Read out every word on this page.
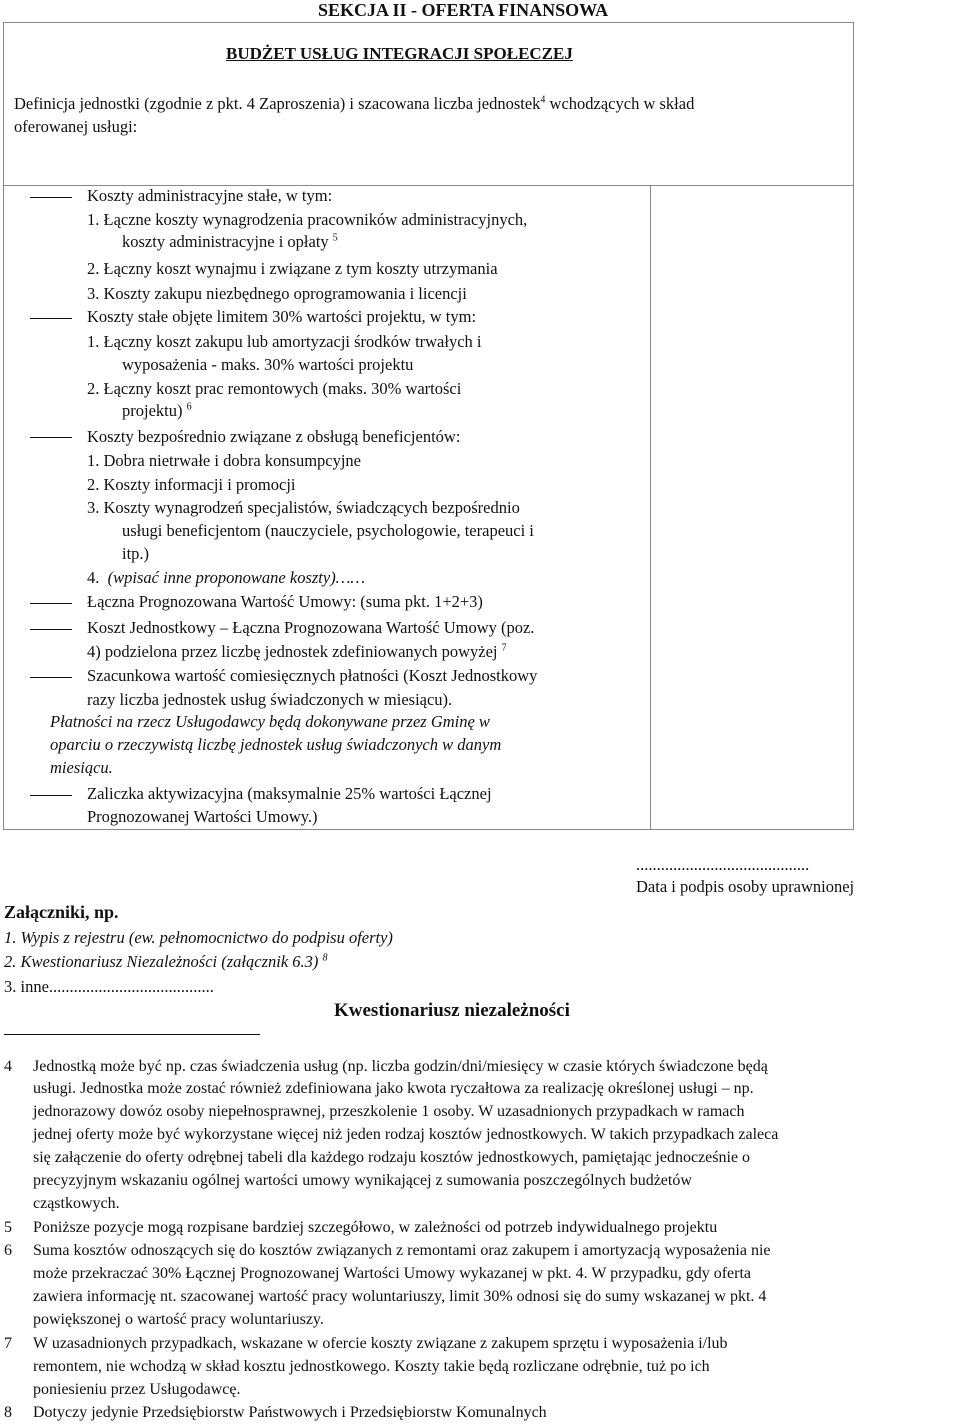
SEKCJA II - OFERTA FINANSOWA
BUDŻET USŁUG INTEGRACJI SPOŁECZEJ
Definicja jednostki (zgodnie z pkt. 4 Zaproszenia) i szacowana liczba jednostek$^4$ wchodzących w skład
oferowanej usługi:
Koszty administracyjne stałe, w tym:
1. Łączne koszty wynagrodzenia pracowników administracyjnych,
koszty administracyjne i opłaty $^5$
2. Łączny koszt wynajmu i związane z tym koszty utrzymania
3. Koszty zakupu niezbędnego oprogramowania i licencji
Koszty stałe objęte limitem 30% wartości projektu, w tym:
1. Łączny koszt zakupu lub amortyzacji środków trwałych i
wyposażenia - maks. 30% wartości projektu
2. Łączny koszt prac remontowych (maks. 30% wartości
projektu) $^6$
Koszty bezpośrednio związane z obsługą beneficjentów:
1. Dobra nietrwałe i dobra konsumpcyjne
2. Koszty informacji i promocji
3. Koszty wynagrodzeń specjalistów, świadczących bezpośrednio
usługi beneficjentom (nauczyciele, psychologowie, terapeuci i
itp.)
4. (wpisać inne proponowane koszty)……
Łączna Prognozowana Wartość Umowy: (suma pkt. 1+2+3)
Koszt Jednostkowy – Łączna Prognozowana Wartość Umowy (poz.
4) podzielona przez liczbę jednostek zdefiniowanych powyżej $^7$
Szacunkowa wartość comiesięcznych płatności (Koszt Jednostkowy
razy liczba jednostek usług świadczonych w miesiącu).
Płatności na rzecz Usługodawcy będą dokonywane przez Gminę w
oparciu o rzeczywistą liczbę jednostek usług świadczonych w danym
miesiącu.
Zaliczka aktywizacyjna (maksymalnie 25% wartości Łącznej
Prognozowanej Wartości Umowy.)
..........................................
Data i podpis osoby uprawnionej
Załączniki, np.
1. Wypis z rejestru (ew. pełnomocnictwo do podpisu oferty)
2. Kwestionariusz Niezależności (załącznik 6.3) $^8$
3. inne........................................
Kwestionariusz niezależności
4 Jednostką może być np. czas świadczenia usług (np. liczba godzin/dni/miesięcy w czasie których świadczone będą
usługi. Jednostka może zostać również zdefiniowana jako kwota ryczałtowa za realizację określonej usługi – np.
jednorazowy dowóz osoby niepełnosprawnej, przeszkolenie 1 osoby. W uzasadnionych przypadkach w ramach
jednej oferty może być wykorzystane więcej niż jeden rodzaj kosztów jednostkowych. W takich przypadkach zaleca
się załączenie do oferty odrębnej tabeli dla każdego rodzaju kosztów jednostkowych, pamiętając jednocześnie o
precyzyjnym wskazaniu ogólnej wartości umowy wynikającej z sumowania poszczególnych budżetów
cząstkowych.
5 Poniższe pozycje mogą rozpisane bardziej szczegółowo, w zależności od potrzeb indywidualnego projektu
6 Suma kosztów odnoszących się do kosztów związanych z remontami oraz zakupem i amortyzacją wyposażenia nie
może przekraczać 30% Łącznej Prognozowanej Wartości Umowy wykazanej w pkt. 4. W przypadku, gdy oferta
zawiera informację nt. szacowanej wartość pracy woluntariuszy, limit 30% odnosi się do sumy wskazanej w pkt. 4
powiększonej o wartość pracy woluntariuszy.
7 W uzasadnionych przypadkach, wskazane w ofercie koszty związane z zakupem sprzętu i wyposażenia i/lub
remontem, nie wchodzą w skład kosztu jednostkowego. Koszty takie będą rozliczane odrębnie, tuż po ich
poniesieniu przez Usługodawcę.
8 Dotyczy jedynie Przedsiębiorstw Państwowych i Przedsiębiorstw Komunalnych
